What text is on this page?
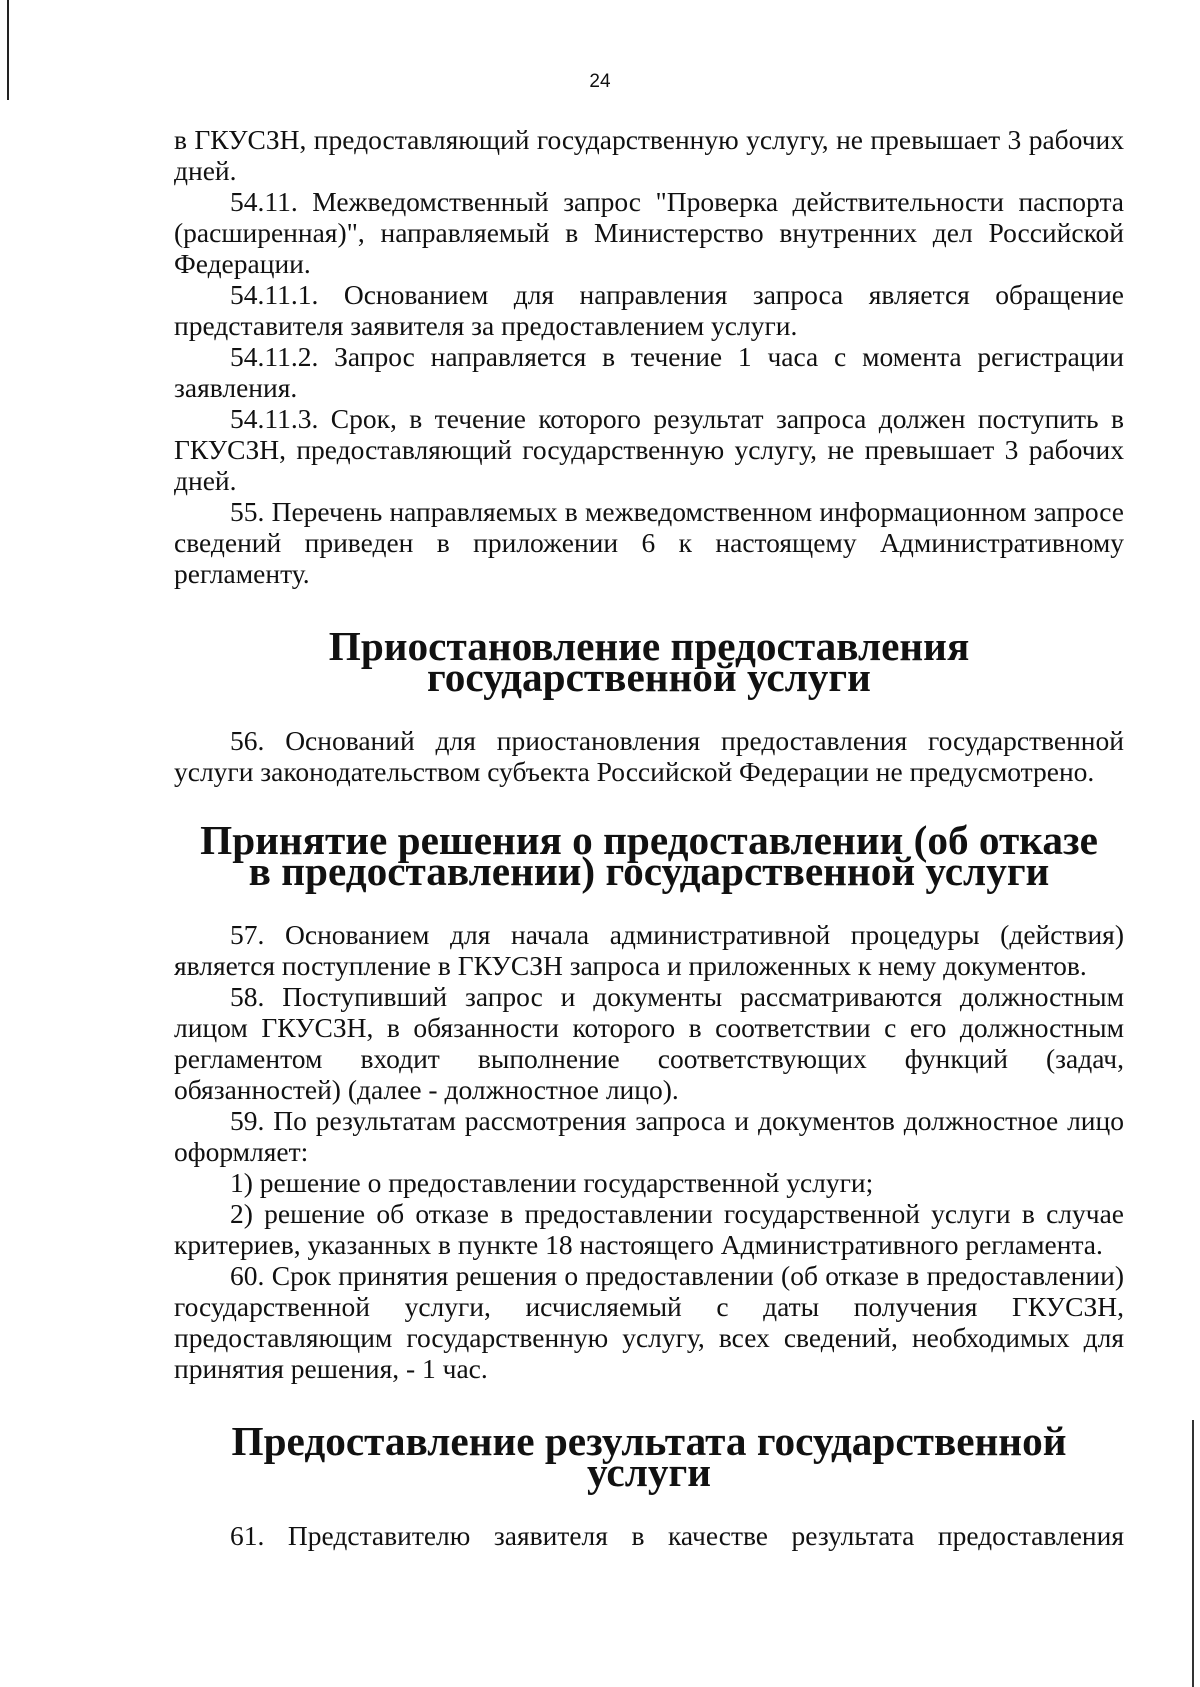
24

в ГКУСЗН, предоставляющий государственную услугу, не превышает 3 рабочих дней.

54.11. Межведомственный запрос "Проверка действительности паспорта (расширенная)", направляемый в Министерство внутренних дел Российской Федерации.

54.11.1. Основанием для направления запроса является обращение представителя заявителя за предоставлением услуги.

54.11.2. Запрос направляется в течение 1 часа с момента регистрации заявления.

54.11.3. Срок, в течение которого результат запроса должен поступить в ГКУСЗН, предоставляющий государственную услугу, не превышает 3 рабочих дней.

55. Перечень направляемых в межведомственном информационном запросе сведений приведен в приложении 6 к настоящему Административному регламенту.

Приостановление предоставления государственной услуги

56. Оснований для приостановления предоставления государственной услуги законодательством субъекта Российской Федерации не предусмотрено.

Принятие решения о предоставлении (об отказе
в предоставлении) государственной услуги

57. Основанием для начала административной процедуры (действия) является поступление в ГКУСЗН запроса и приложенных к нему документов.

58. Поступивший запрос и документы рассматриваются должностным лицом ГКУСЗН, в обязанности которого в соответствии с его должностным регламентом входит выполнение соответствующих функций (задач, обязанностей) (далее - должностное лицо).

59. По результатам рассмотрения запроса и документов должностное лицо оформляет:

1) решение о предоставлении государственной услуги;

2) решение об отказе в предоставлении государственной услуги в случае критериев, указанных в пункте 18 настоящего Административного регламента.

60. Срок принятия решения о предоставлении (об отказе в предоставлении) государственной услуги, исчисляемый с даты получения ГКУСЗН, предоставляющим государственную услугу, всех сведений, необходимых для принятия решения, - 1 час.

Предоставление результата государственной услуги

61. Представителю заявителя в качестве результата предоставления
